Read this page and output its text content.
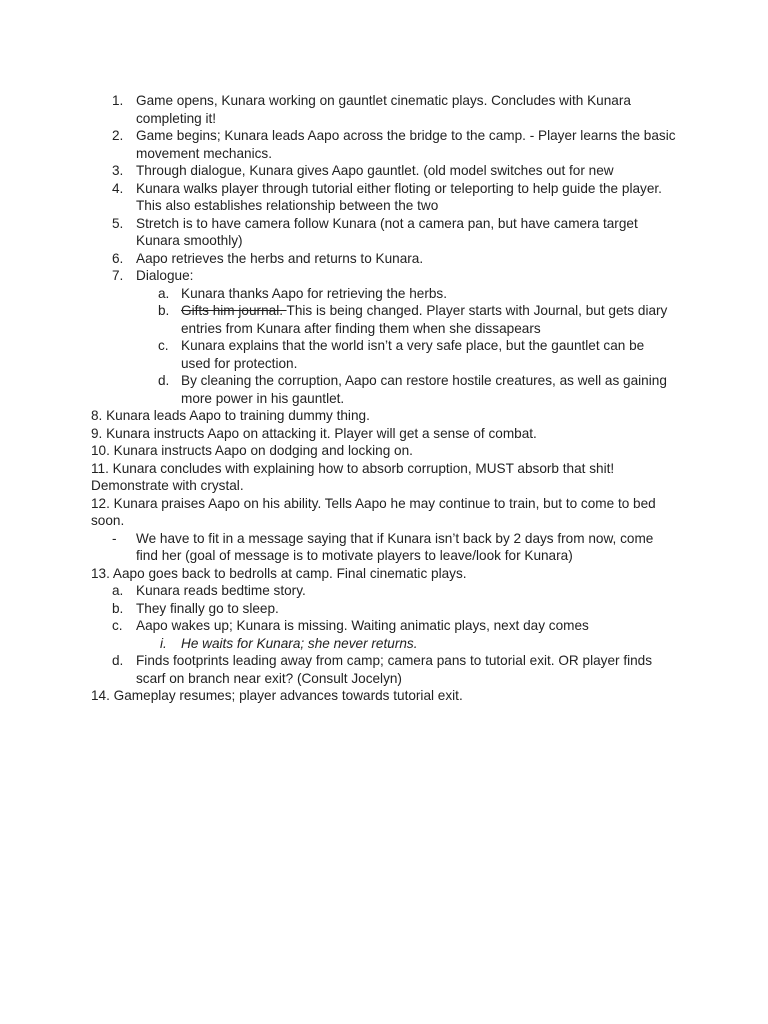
1. Game opens, Kunara working on gauntlet cinematic plays. Concludes with Kunara completing it!
2. Game begins; Kunara leads Aapo across the bridge to the camp. - Player learns the basic movement mechanics.
3. Through dialogue, Kunara gives Aapo gauntlet. (old model switches out for new
4. Kunara walks player through tutorial either floting or teleporting to help guide the player. This also establishes relationship between the two
5. Stretch is to have camera follow Kunara (not a camera pan, but have camera target Kunara smoothly)
6. Aapo retrieves the herbs and returns to Kunara.
7. Dialogue:
a. Kunara thanks Aapo for retrieving the herbs.
b. Gifts him journal. This is being changed. Player starts with Journal, but gets diary entries from Kunara after finding them when she dissapears
c. Kunara explains that the world isn’t a very safe place, but the gauntlet can be used for protection.
d. By cleaning the corruption, Aapo can restore hostile creatures, as well as gaining more power in his gauntlet.
8. Kunara leads Aapo to training dummy thing.
9. Kunara instructs Aapo on attacking it. Player will get a sense of combat.
10. Kunara instructs Aapo on dodging and locking on.
11. Kunara concludes with explaining how to absorb corruption, MUST absorb that shit! Demonstrate with crystal.
12. Kunara praises Aapo on his ability. Tells Aapo he may continue to train, but to come to bed soon.
-	We have to fit in a message saying that if Kunara isn’t back by 2 days from now, come find her (goal of message is to motivate players to leave/look for Kunara)
13. Aapo goes back to bedrolls at camp. Final cinematic plays.
a. Kunara reads bedtime story.
b. They finally go to sleep.
c. Aapo wakes up; Kunara is missing. Waiting animatic plays, next day comes
i.	He waits for Kunara; she never returns.
d. Finds footprints leading away from camp; camera pans to tutorial exit. OR player finds scarf on branch near exit? (Consult Jocelyn)
14. Gameplay resumes; player advances towards tutorial exit.
